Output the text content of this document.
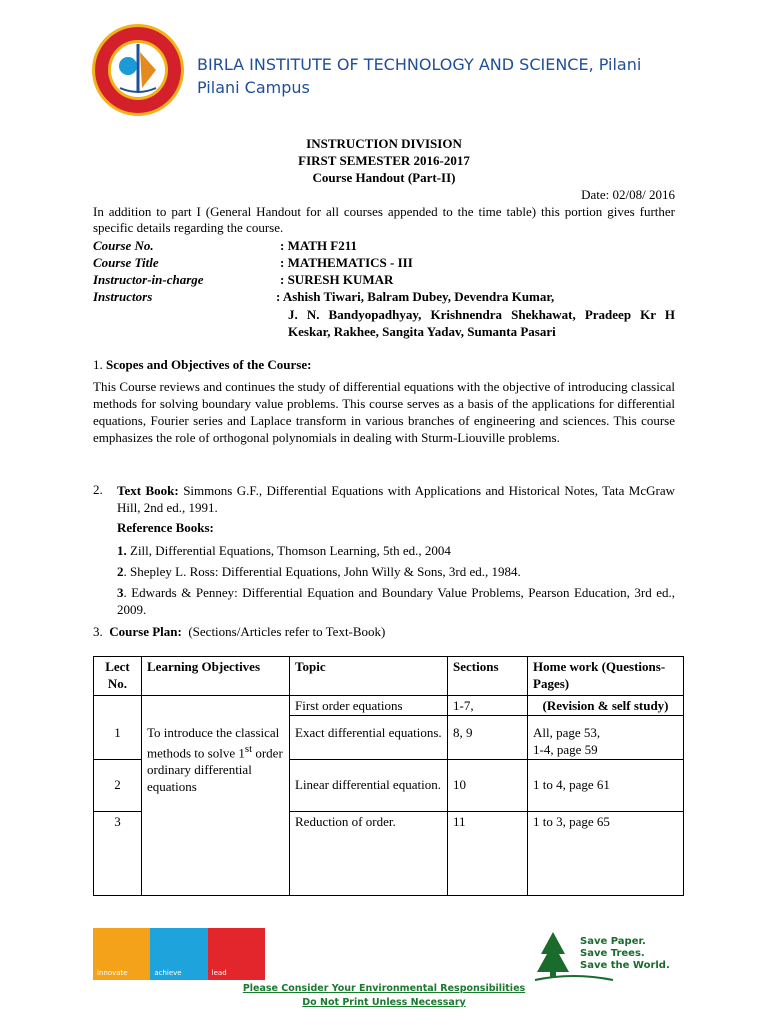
BIRLA INSTITUTE OF TECHNOLOGY AND SCIENCE, Pilani
Pilani Campus
INSTRUCTION DIVISION
FIRST SEMESTER 2016-2017
Course Handout (Part-II)
Date: 02/08/ 2016
In addition to part I (General Handout for all courses appended to the time table) this portion gives further specific details regarding the course.
Course No.	: MATH F211
Course Title	: MATHEMATICS - III
Instructor-in-charge	: SURESH KUMAR
Instructors	: Ashish Tiwari, Balram Dubey, Devendra Kumar,
J. N. Bandyopadhyay, Krishnendra Shekhawat, Pradeep Kr H Keskar, Rakhee, Sangita Yadav, Sumanta Pasari
1. Scopes and Objectives of the Course:
This Course reviews and continues the study of differential equations with the objective of introducing classical methods for solving boundary value problems. This course serves as a basis of the applications for differential equations, Fourier series and Laplace transform in various branches of engineering and sciences. This course emphasizes the role of orthogonal polynomials in dealing with Sturm-Liouville problems.
2. Text Book: Simmons G.F., Differential Equations with Applications and Historical Notes, Tata McGraw Hill, 2nd ed., 1991.
Reference Books:
1. Zill, Differential Equations, Thomson Learning, 5th ed., 2004
2. Shepley L. Ross: Differential Equations, John Willy & Sons, 3rd ed., 1984.
3. Edwards & Penney: Differential Equation and Boundary Value Problems, Pearson Education, 3rd ed., 2009.
3. Course Plan: (Sections/Articles refer to Text-Book)
Lect No.	Learning Objectives	Topic	Sections	Home work (Questions-Pages)
		First order equations	1-7,	(Revision & self study)
1	To introduce the classical methods to solve 1st order ordinary differential equations	Exact differential equations.	8, 9	All, page 53,
1-4, page 59

2		Linear differential equation.	10	1 to 4, page 61
3		Reduction of order.	11	1 to 3, page 65
innovate	achieve	lead
Save Paper.
Save Trees.
Save the World.
Please Consider Your Environmental Responsibilities
Do Not Print Unless Necessary
